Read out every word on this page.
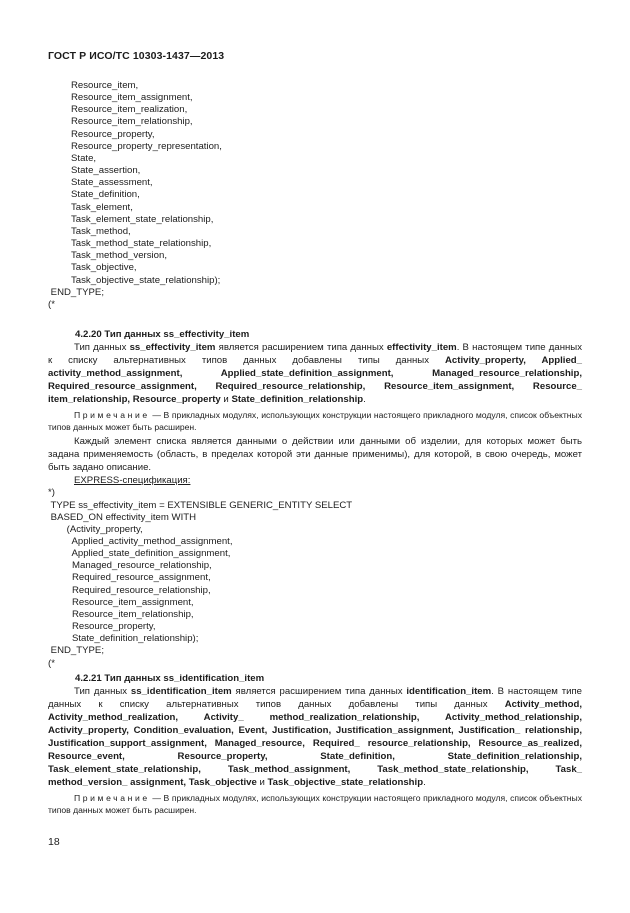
ГОСТ Р ИСО/ТС 10303-1437—2013
Resource_item,
Resource_item_assignment,
Resource_item_realization,
Resource_item_relationship,
Resource_property,
Resource_property_representation,
State,
State_assertion,
State_assessment,
State_definition,
Task_element,
Task_element_state_relationship,
Task_method,
Task_method_state_relationship,
Task_method_version,
Task_objective,
Task_objective_state_relationship);
END_TYPE;
(*

4.2.20 Тип данных ss_effectivity_item

Тип данных ss_effectivity_item является расширением типа данных effectivity_item. В настоящем типе данных к списку альтернативных типов данных добавлены типы данных Activity_property, Applied_ activity_method_assignment, Applied_state_definition_assignment, Managed_resource_relationship, Required_resource_assignment, Required_resource_relationship, Resource_item_assignment, Resource_ item_relationship, Resource_property и State_definition_relationship.

Примечание — В прикладных модулях, использующих конструкции настоящего прикладного модуля, список объектных типов данных может быть расширен.

Каждый элемент списка является данными о действии или данными об изделии, для которых может быть задана применяемость (область, в пределах которой эти данные применимы), для которой, в свою очередь, может быть задано описание.

EXPRESS-спецификация:

*)
TYPE ss_effectivity_item = EXTENSIBLE GENERIC_ENTITY SELECT
BASED_ON effectivity_item WITH
(Activity_property,
Applied_activity_method_assignment,
Applied_state_definition_assignment,
Managed_resource_relationship,
Required_resource_assignment,
Required_resource_relationship,
Resource_item_assignment,
Resource_item_relationship,
Resource_property,
State_definition_relationship);
END_TYPE;
(*

4.2.21 Тип данных ss_identification_item

Тип данных ss_identification_item является расширением типа данных identification_item. В настоящем типе данных к списку альтернативных типов данных добавлены типы данных Activity_method, Activity_method_realization, Activity_ method_realization_relationship, Activity_method_relationship, Activity_property, Condition_evaluation, Event, Justification, Justification_assignment, Justification_ relationship, Justification_support_assignment, Managed_resource, Required_ resource_relationship, Resource_as_realized, Resource_event, Resource_property, State_definition, State_definition_relationship, Task_element_state_relationship, Task_method_assignment, Task_method_state_relationship, Task_ method_version_ assignment, Task_objective и Task_objective_state_relationship.

Примечание — В прикладных модулях, использующих конструкции настоящего прикладного модуля, список объектных типов данных может быть расширен.

18
